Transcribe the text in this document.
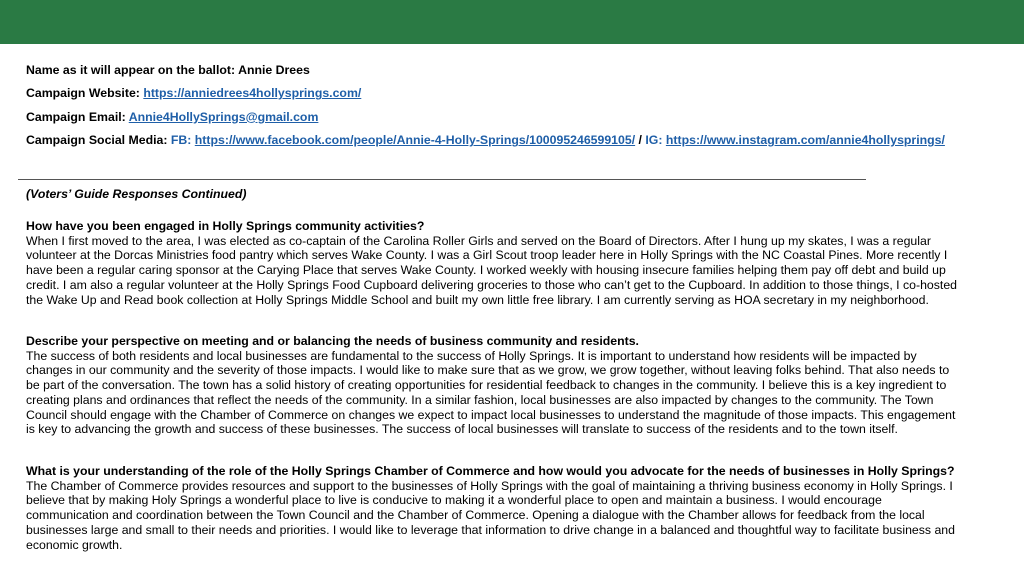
Name as it will appear on the ballot: Annie Drees
Campaign Website: https://anniedrees4hollysprings.com/
Campaign Email: Annie4HollySprings@gmail.com
Campaign Social Media: FB: https://www.facebook.com/people/Annie-4-Holly-Springs/100095246599105/ / IG: https://www.instagram.com/annie4hollysprings/
(Voters’ Guide Responses Continued)
How have you been engaged in Holly Springs community activities?
When I first moved to the area, I was elected as co-captain of the Carolina Roller Girls and served on the Board of Directors. After I hung up my skates, I was a regular volunteer at the Dorcas Ministries food pantry which serves Wake County. I was a Girl Scout troop leader here in Holly Springs with the NC Coastal Pines. More recently I have been a regular caring sponsor at the Carying Place that serves Wake County. I worked weekly with housing insecure families helping them pay off debt and build up credit. I am also a regular volunteer at the Holly Springs Food Cupboard delivering groceries to those who can’t get to the Cupboard. In addition to those things, I co-hosted the Wake Up and Read book collection at Holly Springs Middle School and built my own little free library. I am currently serving as HOA secretary in my neighborhood.
Describe your perspective on meeting and or balancing the needs of business community and residents.
The success of both residents and local businesses are fundamental to the success of Holly Springs. It is important to understand how residents will be impacted by changes in our community and the severity of those impacts. I would like to make sure that as we grow, we grow together, without leaving folks behind. That also needs to be part of the conversation. The town has a solid history of creating opportunities for residential feedback to changes in the community. I believe this is a key ingredient to creating plans and ordinances that reflect the needs of the community. In a similar fashion, local businesses are also impacted by changes to the community. The Town Council should engage with the Chamber of Commerce on changes we expect to impact local businesses to understand the magnitude of those impacts. This engagement is key to advancing the growth and success of these businesses. The success of local businesses will translate to success of the residents and to the town itself.
What is your understanding of the role of the Holly Springs Chamber of Commerce and how would you advocate for the needs of businesses in Holly Springs?
The Chamber of Commerce provides resources and support to the businesses of Holly Springs with the goal of maintaining a thriving business economy in Holly Springs. I believe that by making Holy Springs a wonderful place to live is conducive to making it a wonderful place to open and maintain a business. I would encourage communication and coordination between the Town Council and the Chamber of Commerce. Opening a dialogue with the Chamber allows for feedback from the local businesses large and small to their needs and priorities. I would like to leverage that information to drive change in a balanced and thoughtful way to facilitate business and economic growth.
